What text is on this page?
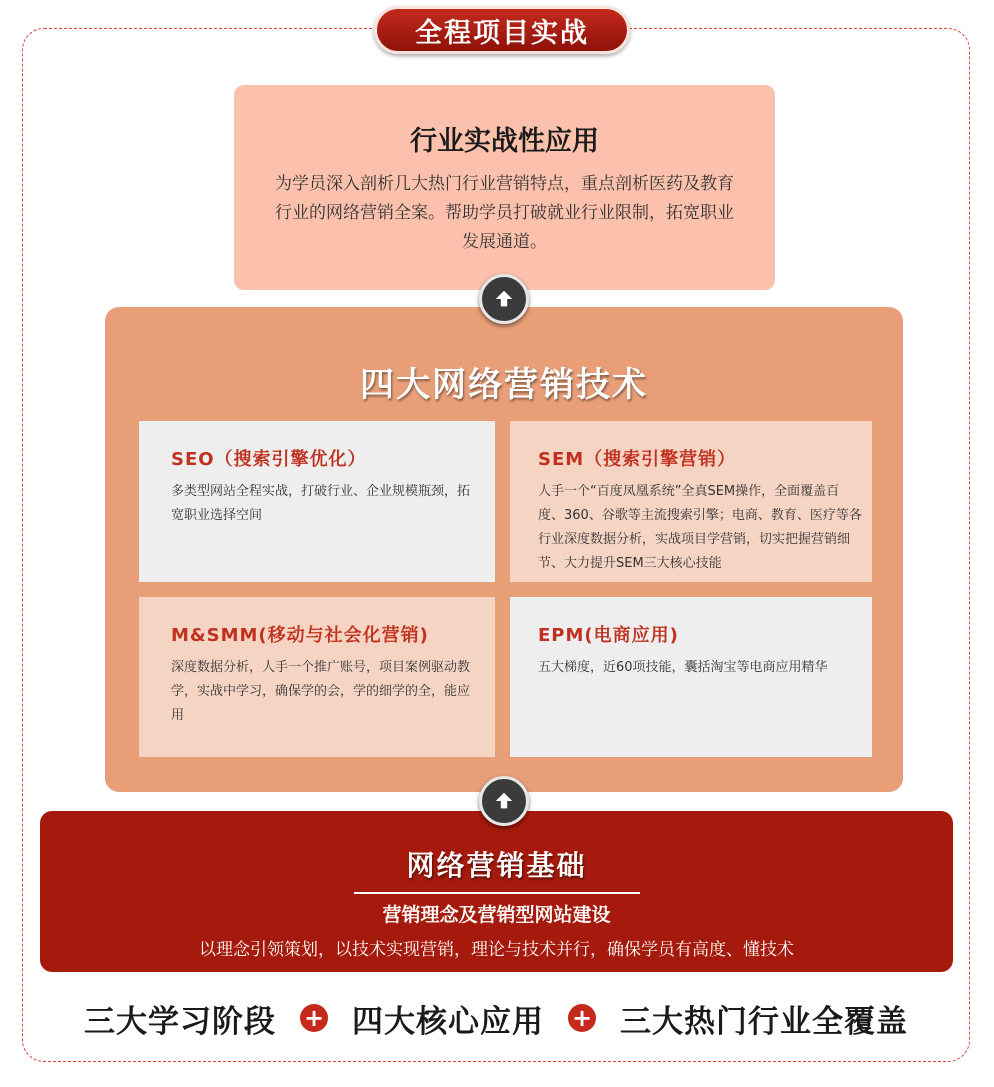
全程项目实战
行业实战性应用
为学员深入剖析几大热门行业营销特点，重点剖析医药及教育行业的网络营销全案。帮助学员打破就业行业限制，拓宽职业发展通道。
四大网络营销技术
SEO（搜索引擎优化）
多类型网站全程实战，打破行业、企业规模瓶颈，拓宽职业选择空间
SEM（搜索引擎营销）
人手一个“百度凤凰系统”全真SEM操作，全面覆盖百度、360、谷歌等主流搜索引擎；电商、教育、医疗等各行业深度数据分析，实战项目学营销，切实把握营销细节、大力提升SEM三大核心技能
M&SMM(移动与社会化营销)
深度数据分析，人手一个推广账号，项目案例驱动教学，实战中学习，确保学的会，学的细学的全，能应用
EPM(电商应用)
五大梯度，近60项技能，囊括淘宝等电商应用精华
网络营销基础
营销理念及营销型网站建设
以理念引领策划，以技术实现营销，理论与技术并行，确保学员有高度、懂技术
三大学习阶段 + 四大核心应用 + 三大热门行业全覆盖
